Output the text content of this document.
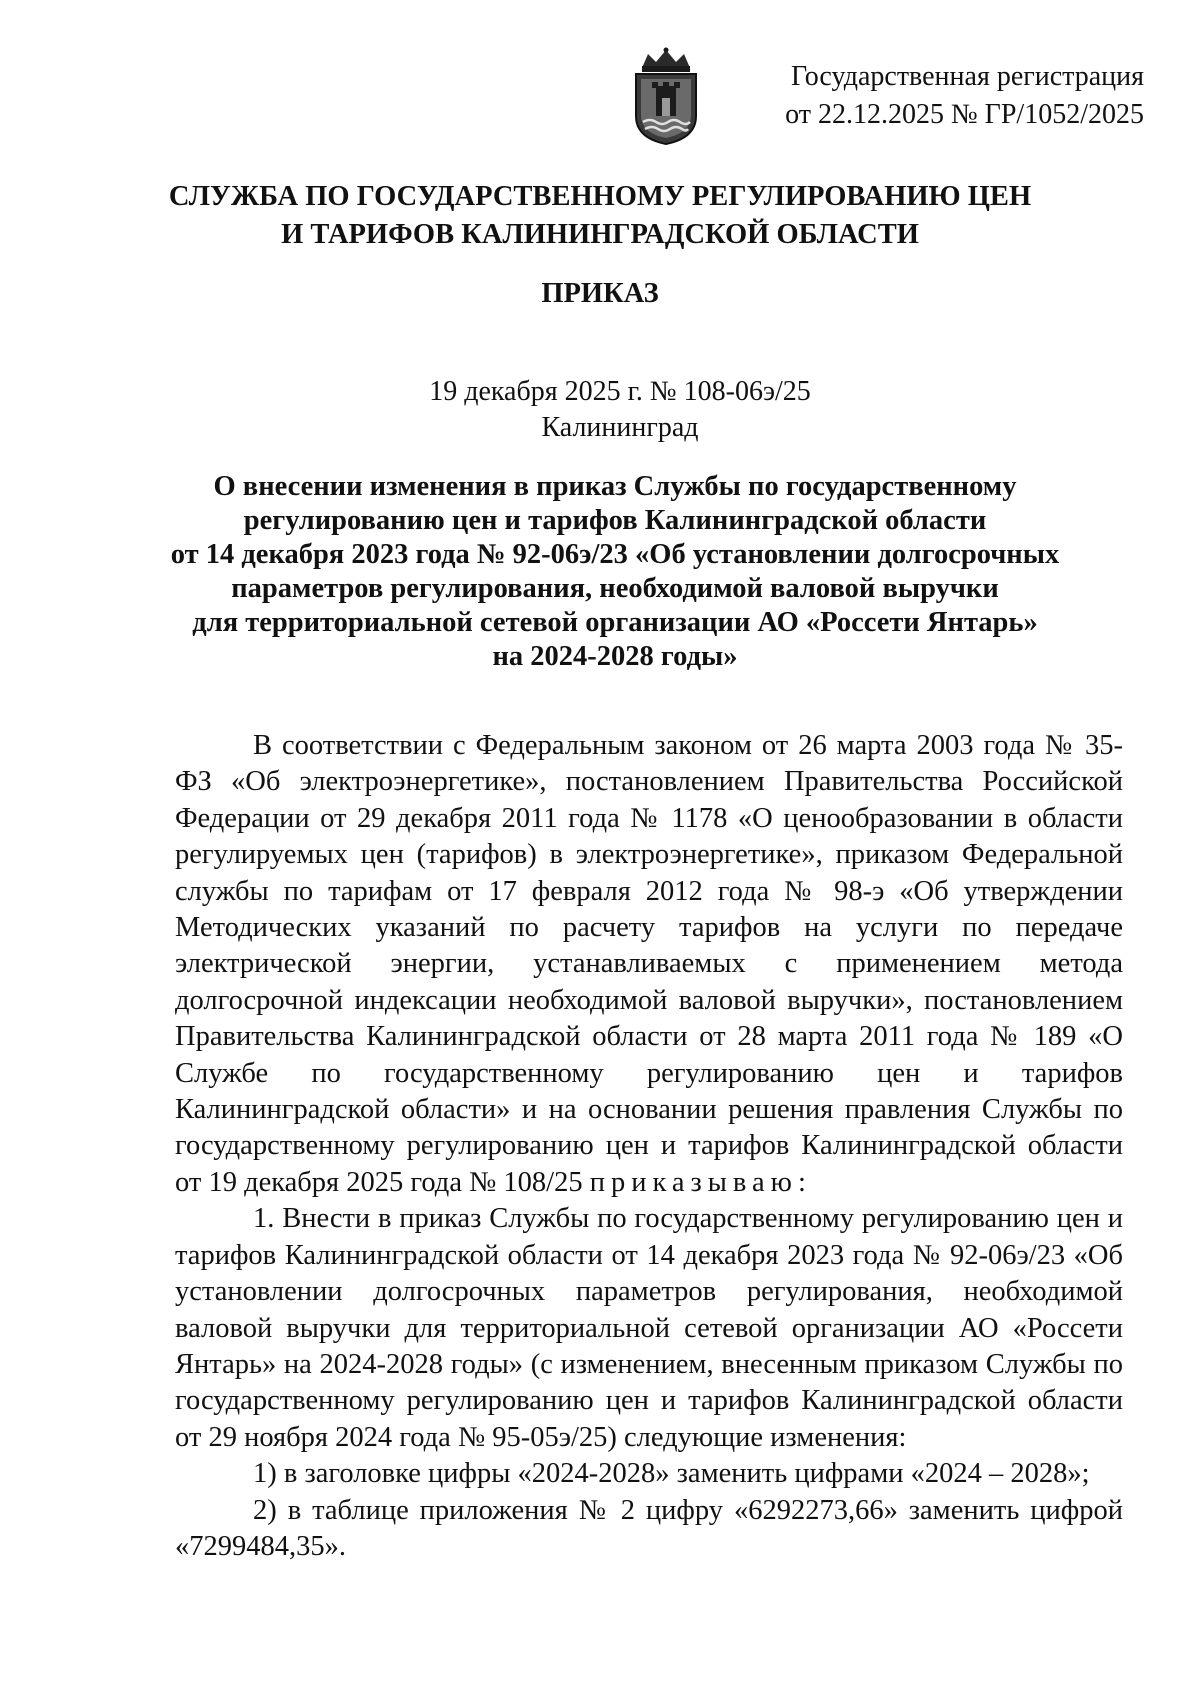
Государственная регистрация
от 22.12.2025 № ГР/1052/2025
СЛУЖБА ПО ГОСУДАРСТВЕННОМУ РЕГУЛИРОВАНИЮ ЦЕН
И ТАРИФОВ КАЛИНИНГРАДСКОЙ ОБЛАСТИ
ПРИКАЗ
19 декабря 2025 г. № 108-06э/25
Калининград
О внесении изменения в приказ Службы по государственному
регулированию цен и тарифов Калининградской области
от 14 декабря 2023 года № 92-06э/23 «Об установлении долгосрочных
параметров регулирования, необходимой валовой выручки
для территориальной сетевой организации АО «Россети Янтарь»
на 2024-2028 годы»

В соответствии с Федеральным законом от 26 марта 2003 года № 35-ФЗ «Об электроэнергетике», постановлением Правительства Российской Федерации от 29 декабря 2011 года № 1178 «О ценообразовании в области регулируемых цен (тарифов) в электроэнергетике», приказом Федеральной службы по тарифам от 17 февраля 2012 года № 98-э «Об утверждении Методических указаний по расчету тарифов на услуги по передаче электрической энергии, устанавливаемых с применением метода долгосрочной индексации необходимой валовой выручки», постановлением Правительства Калининградской области от 28 марта 2011 года № 189 «О Службе по государственному регулированию цен и тарифов Калининградской области» и на основании решения правления Службы по государственному регулированию цен и тарифов Калининградской области от 19 декабря 2025 года № 108/25 приказываю:

1. Внести в приказ Службы по государственному регулированию цен и тарифов Калининградской области от 14 декабря 2023 года № 92-06э/23 «Об установлении долгосрочных параметров регулирования, необходимой валовой выручки для территориальной сетевой организации АО «Россети Янтарь» на 2024-2028 годы» (с изменением, внесенным приказом Службы по государственному регулированию цен и тарифов Калининградской области от 29 ноября 2024 года № 95-05э/25) следующие изменения:

1) в заголовке цифры «2024-2028» заменить цифрами «2024 – 2028»;

2) в таблице приложения № 2 цифру «6292273,66» заменить цифрой «7299484,35».
